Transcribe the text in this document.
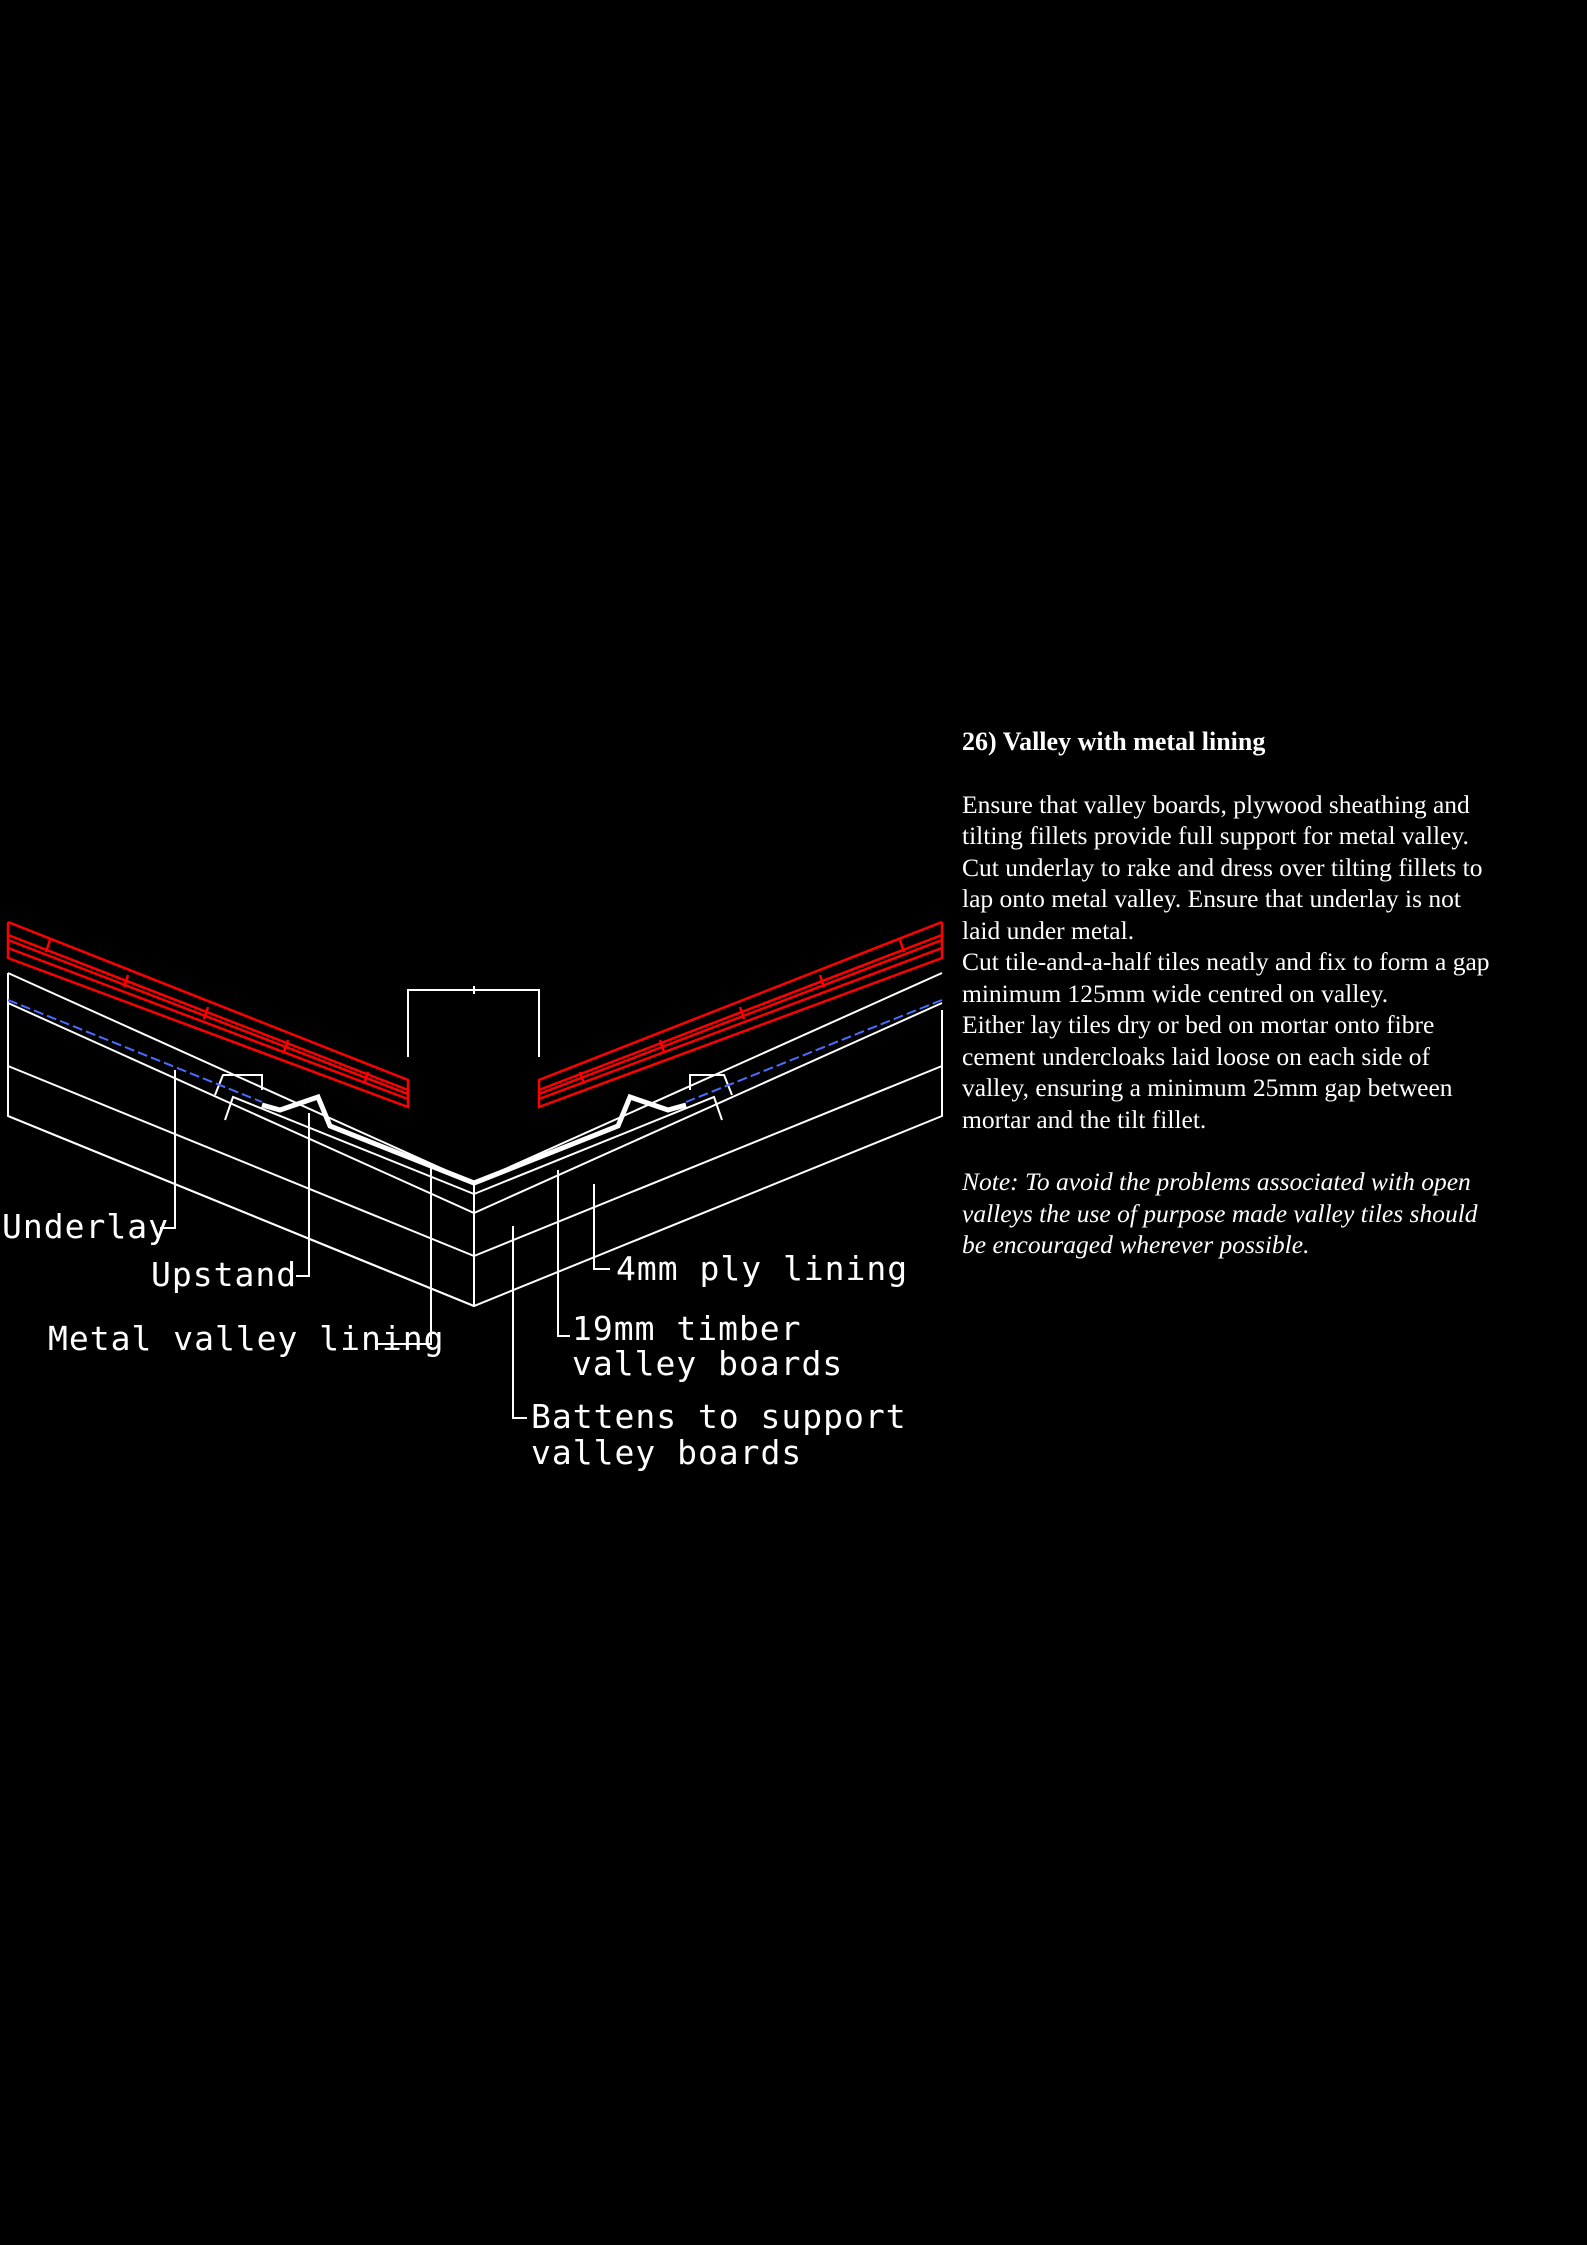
Underlay
Upstand
Metal valley lining
4mm ply lining
19mm timber
valley boards
Battens to support
valley boards
26) Valley with metal lining

Ensure that valley boards, plywood sheathing and tilting fillets provide full support for metal valley.

Cut underlay to rake and dress over tilting fillets to lap onto metal valley. Ensure that underlay is not laid under metal.

Cut tile-and-a-half tiles neatly and fix to form a gap minimum 125mm wide centred on valley.

Either lay tiles dry or bed on mortar onto fibre cement undercloaks laid loose on each side of valley, ensuring a minimum 25mm gap between mortar and the tilt fillet.

Note: To avoid the problems associated with open valleys the use of purpose made valley tiles should be encouraged wherever possible.
